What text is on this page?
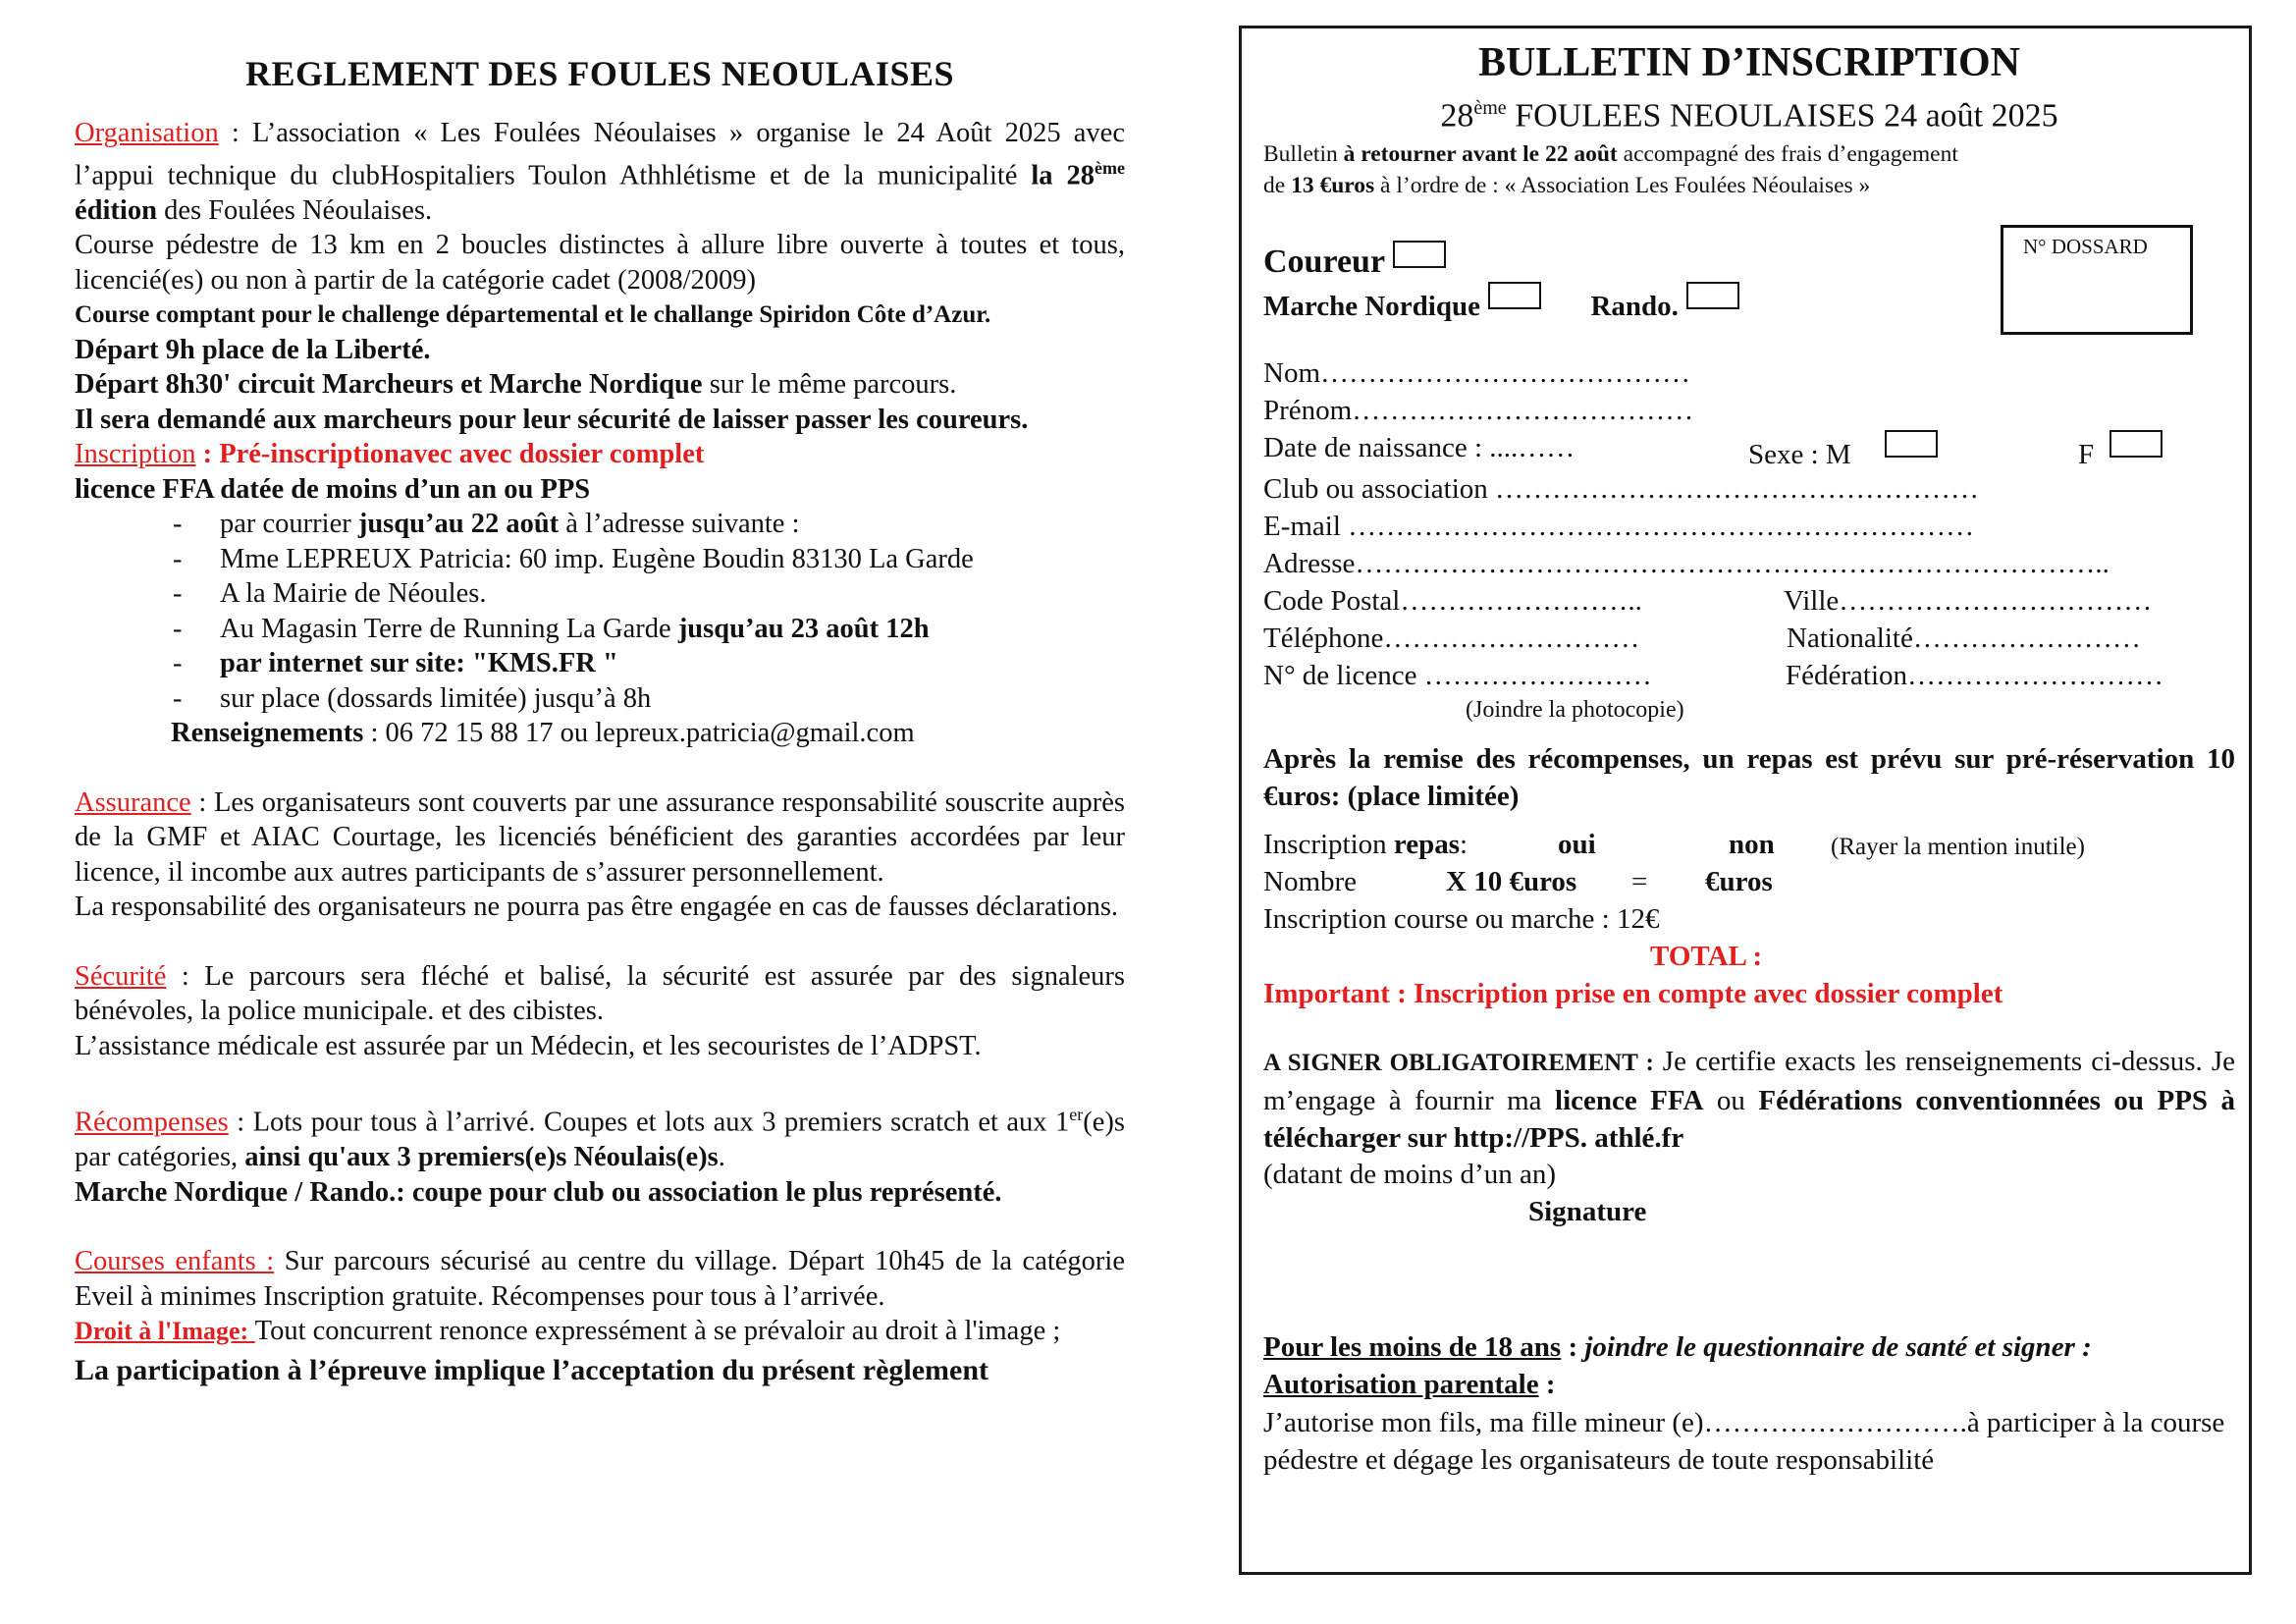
REGLEMENT DES FOULES NEOULAISES

Organisation : L’association « Les Foulées Néoulaises » organise le 24 Août 2025 avec l’appui technique du clubHospitaliers Toulon Athhlétisme et de la municipalité la 28ème édition des Foulées Néoulaises.

Course pédestre de 13 km en 2 boucles distinctes à allure libre ouverte à toutes et tous, licencié(es) ou non à partir de la catégorie cadet (2008/2009)

Course comptant pour le challenge départemental et le challange Spiridon Côte d’Azur.

Départ 9h place de la Liberté.

Départ 8h30' circuit Marcheurs et Marche Nordique sur le même parcours.

Il sera demandé aux marcheurs pour leur sécurité de laisser passer les coureurs.

Inscription : Pré-inscriptionavec avec dossier complet

licence FFA datée de moins d’un an ou PPS

- par courrier jusqu’au 22 août à l’adresse suivante :
- Mme LEPREUX Patricia: 60 imp. Eugène Boudin 83130 La Garde
- A la Mairie de Néoules.
- Au Magasin Terre de Running La Garde jusqu’au 23 août 12h
- par internet sur site: "KMS.FR "
- sur place (dossards limitée) jusqu’à 8h

Renseignements : 06 72 15 88 17 ou lepreux.patricia@gmail.com

Assurance : Les organisateurs sont couverts par une assurance responsabilité souscrite auprès de la GMF et AIAC Courtage, les licenciés bénéficient des garanties accordées par leur licence, il incombe aux autres participants de s’assurer personnellement.

La responsabilité des organisateurs ne pourra pas être engagée en cas de fausses déclarations.

Sécurité : Le parcours sera fléché et balisé, la sécurité est assurée par des signaleurs bénévoles, la police municipale. et des cibistes.

L’assistance médicale est assurée par un Médecin, et les secouristes de l’ADPST.

Récompenses : Lots pour tous à l’arrivé. Coupes et lots aux 3 premiers scratch et aux 1er(e)s par catégories, ainsi qu'aux 3 premiers(e)s Néoulais(e)s.

Marche Nordique / Rando.: coupe pour club ou association le plus représenté.

Courses enfants : Sur parcours sécurisé au centre du village. Départ 10h45 de la catégorie Eveil à minimes Inscription gratuite. Récompenses pour tous à l’arrivée.

Droit à l'Image: Tout concurrent renonce expressément à se prévaloir au droit à l'image ;

La participation à l’épreuve implique l’acceptation du présent règlement

N° DOSSARD

BULLETIN D’INSCRIPTION

28ème FOULEES NEOULAISES 24 août 2025

Bulletin à retourner avant le 22 août accompagné des frais d’engagement
de 13 €uros à l’ordre de : « Association Les Foulées Néoulaises »

Coureur
Marche Nordique	Rando.
Nom…………………………………
Prénom………………………………
Date de naissance : ....……	Sexe : M	F
Club ou association ……………………………………………
E-mail …………………………………………………………
Adresse……………………………………………………………………..
Code Postal……………………..	Ville……………………………
Téléphone………………………	Nationalité……………………
N° de licence ……………………	Fédération………………………
(Joindre la photocopie)

Après la remise des récompenses, un repas est prévu sur pré-réservation 10 €uros: (place limitée)

Inscription repas:	oui	non (Rayer la mention inutile)
Nombre	X 10 €uros = €uros
Inscription course ou marche : 12€
TOTAL :
Important : Inscription prise en compte avec dossier complet

A SIGNER OBLIGATOIREMENT : Je certifie exacts les renseignements ci-dessus. Je m’engage à fournir ma licence FFA ou Fédérations conventionnées ou PPS à télécharger sur http://PPS. athlé.fr

(datant de moins d’un an)
Signature
Pour les moins de 18 ans : joindre le questionnaire de santé et signer :
Autorisation parentale :

J’autorise mon fils, ma fille mineur (e)……………………….à participer à la course pédestre et dégage les organisateurs de toute responsabilité
